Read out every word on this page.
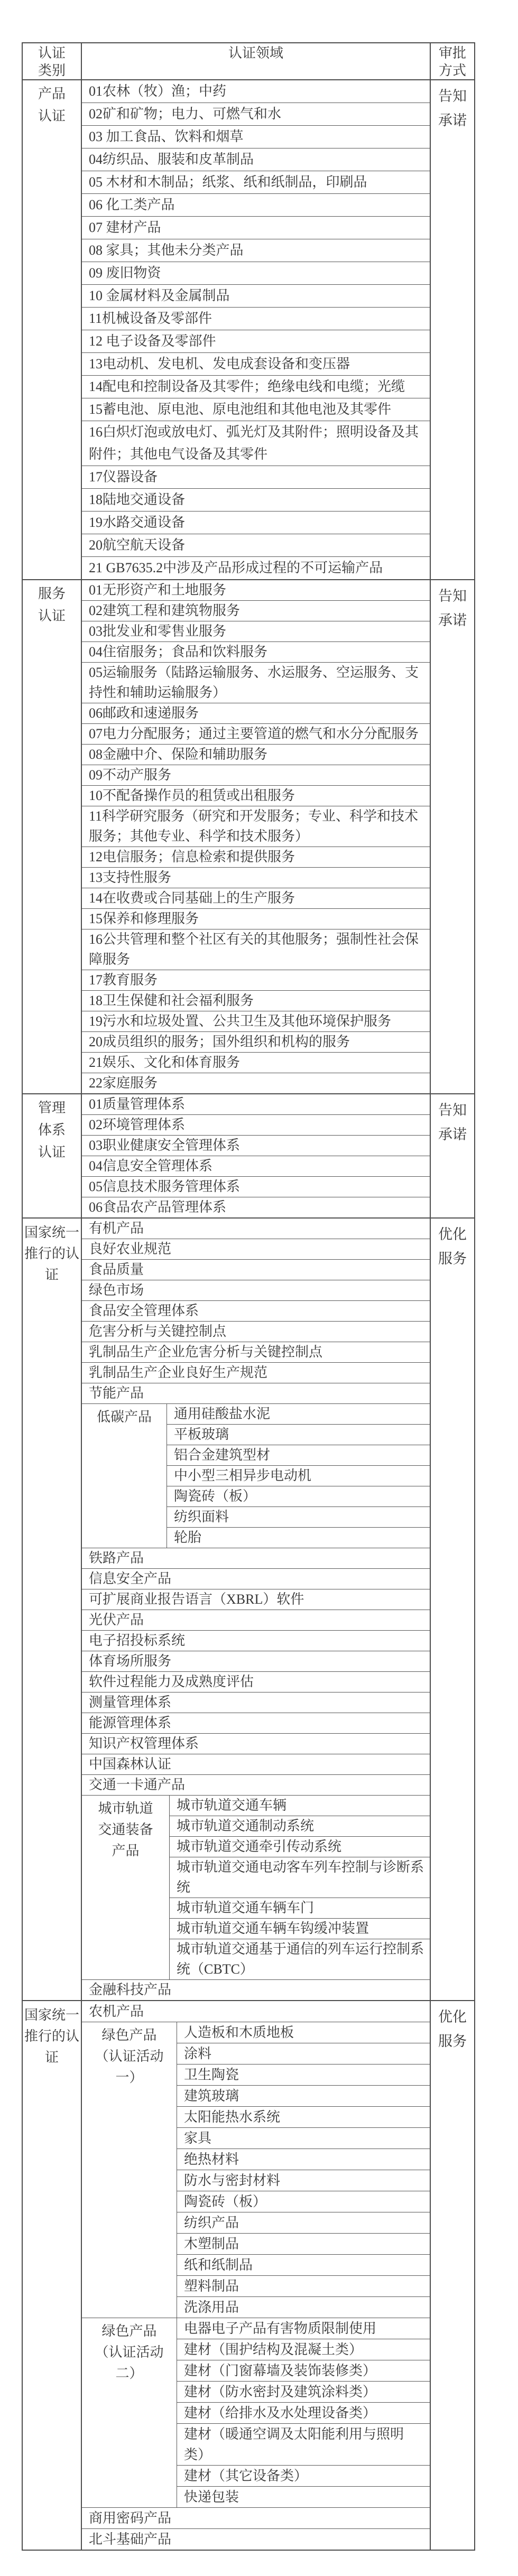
认证类别
认证领域	审批方式
产品认证
01农林（牧）渔；中药
02矿和矿物；电力、可燃气和水
03 加工食品、饮料和烟草
04纺织品、服装和皮革制品
05 木材和木制品；纸浆、纸和纸制品，印刷品
06 化工类产品
07 建材产品
08 家具；其他未分类产品
09 废旧物资
10 金属材料及金属制品
11机械设备及零部件
12 电子设备及零部件
13电动机、发电机、发电成套设备和变压器
14配电和控制设备及其零件；绝缘电线和电缆；光缆
15蓄电池、原电池、原电池组和其他电池及其零件
16白炽灯泡或放电灯、弧光灯及其附件；照明设备及其附件；其他电气设备及其零件
17仪器设备
18陆地交通设备
19水路交通设备
20航空航天设备
21 GB7635.2中涉及产品形成过程的不可运输产品
告知承诺
服务认证
01无形资产和土地服务
02建筑工程和建筑物服务
03批发业和零售业服务
04住宿服务；食品和饮料服务
05运输服务（陆路运输服务、水运服务、空运服务、支持性和辅助运输服务）
06邮政和速递服务
07电力分配服务；通过主要管道的燃气和水分分配服务
08金融中介、保险和辅助服务
09不动产服务
10不配备操作员的租赁或出租服务
11科学研究服务（研究和开发服务；专业、科学和技术服务；其他专业、科学和技术服务）
12电信服务；信息检索和提供服务
13支持性服务
14在收费或合同基础上的生产服务
15保养和修理服务
16公共管理和整个社区有关的其他服务；强制性社会保障服务
17教育服务
18卫生保健和社会福利服务
19污水和垃圾处置、公共卫生及其他环境保护服务
20成员组织的服务；国外组织和机构的服务
21娱乐、文化和体育服务
22家庭服务
告知承诺
管理体系认证
01质量管理体系
02环境管理体系
03职业健康安全管理体系
04信息安全管理体系
05信息技术服务管理体系
06食品农产品管理体系
告知承诺
国家统一推行的认证
有机产品
良好农业规范
食品质量
绿色市场
食品安全管理体系
危害分析与关键控制点
乳制品生产企业危害分析与关键控制点
乳制品生产企业良好生产规范
节能产品
低碳产品	通用硅酸盐水泥
平板玻璃
铝合金建筑型材
中小型三相异步电动机
陶瓷砖（板）
纺织面料
轮胎
铁路产品
信息安全产品
可扩展商业报告语言（XBRL）软件
光伏产品
电子招投标系统
体育场所服务
软件过程能力及成熟度评估
测量管理体系
能源管理体系
知识产权管理体系
中国森林认证
交通一卡通产品
城市轨道交通装备产品
城市轨道交通车辆
城市轨道交通制动系统
城市轨道交通牵引传动系统
城市轨道交通电动客车列车控制与诊断系统
城市轨道交通车辆车门
城市轨道交通车辆车钩缓冲装置
城市轨道交通基于通信的列车运行控制系统（CBTC）
金融科技产品
优化服务
国家统一推行的认证
农机产品
绿色产品（认证活动一）
人造板和木质地板
涂料
卫生陶瓷
建筑玻璃
太阳能热水系统
家具
绝热材料
防水与密封材料
陶瓷砖（板）
纺织产品
木塑制品
纸和纸制品
塑料制品
洗涤用品
绿色产品（认证活动二）
电器电子产品有害物质限制使用
建材（围护结构及混凝土类）
建材（门窗幕墙及装饰装修类）
建材（防水密封及建筑涂料类）
建材（给排水及水处理设备类）
建材（暖通空调及太阳能利用与照明类）
建材（其它设备类）
快递包装
商用密码产品
北斗基础产品
优化服务
